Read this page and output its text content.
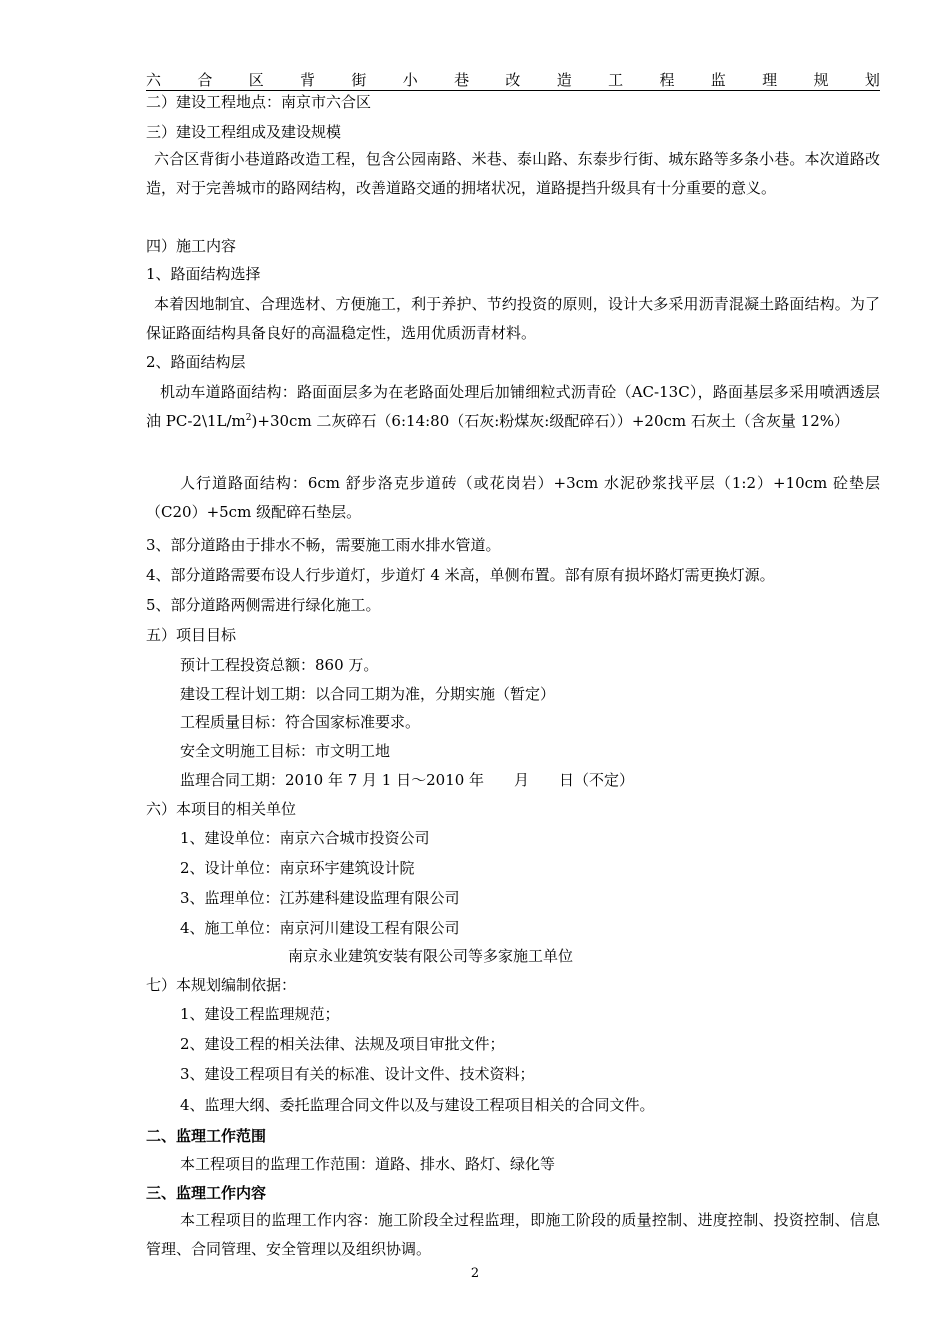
六 合 区 背 街 小 巷 改 造 工 程 监 理 规 划
二）建设工程地点：南京市六合区
三）建设工程组成及建设规模
六合区背街小巷道路改造工程，包含公园南路、米巷、泰山路、东泰步行街、城东路等多条小巷。本次道路改造，对于完善城市的路网结构，改善道路交通的拥堵状况，道路提挡升级具有十分重要的意义。
四）施工内容
1、路面结构选择
本着因地制宜、合理选材、方便施工，利于养护、节约投资的原则，设计大多采用沥青混凝土路面结构。为了保证路面结构具备良好的高温稳定性，选用优质沥青材料。
2、路面结构层
机动车道路面结构：路面面层多为在老路面处理后加铺细粒式沥青砼（AC-13C），路面基层多采用喷洒透层油 $PC-2\backslash 1L/m^2)+30cm$ 二灰碎石（6:14:80（石灰:粉煤灰:级配碎石））+20cm 石灰土（含灰量 12%）
人行道路面结构：6cm 舒步洛克步道砖（或花岗岩）+3cm 水泥砂浆找平层（1:2）+10cm 砼垫层（C20）+5cm 级配碎石垫层。
3、部分道路由于排水不畅，需要施工雨水排水管道。
4、部分道路需要布设人行步道灯，步道灯 4 米高，单侧布置。部有原有损坏路灯需更换灯源。
5、部分道路两侧需进行绿化施工。
五）项目目标
预计工程投资总额：860 万。
建设工程计划工期：以合同工期为准，分期实施（暂定）
工程质量目标：符合国家标准要求。
安全文明施工目标：市文明工地
监理合同工期：2010 年 7 月 1 日～2010 年　　月　　日（不定）
六）本项目的相关单位
1、建设单位：南京六合城市投资公司
2、设计单位：南京环宇建筑设计院
3、监理单位：江苏建科建设监理有限公司
4、施工单位：南京河川建设工程有限公司
南京永业建筑安装有限公司等多家施工单位
七）本规划编制依据：
1、建设工程监理规范；
2、建设工程的相关法律、法规及项目审批文件；
3、建设工程项目有关的标准、设计文件、技术资料；
4、监理大纲、委托监理合同文件以及与建设工程项目相关的合同文件。
二、监理工作范围
本工程项目的监理工作范围：道路、排水、路灯、绿化等
三、监理工作内容
本工程项目的监理工作内容：施工阶段全过程监理，即施工阶段的质量控制、进度控制、投资控制、信息管理、合同管理、安全管理以及组织协调。
2
